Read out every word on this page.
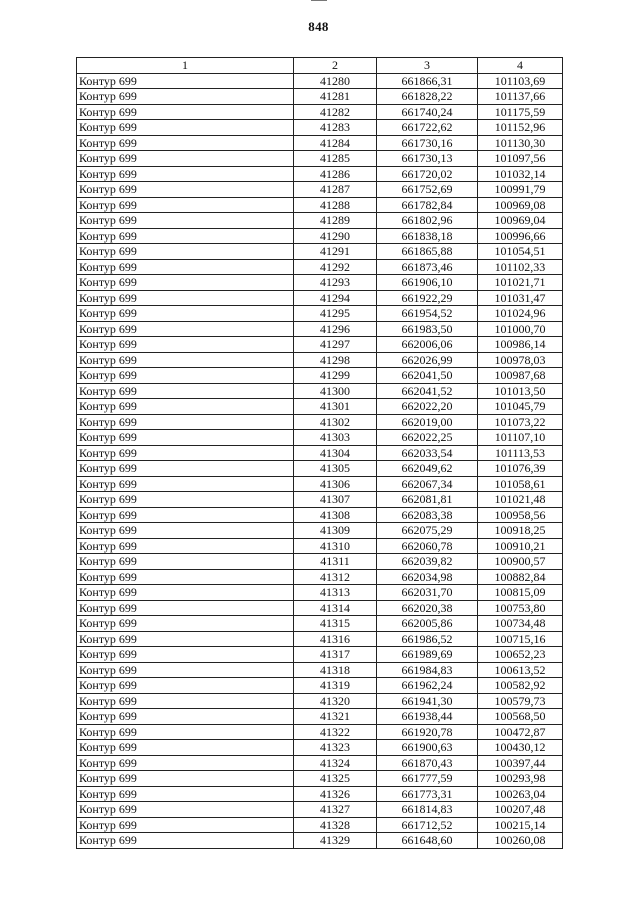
848
1	2	3	4
Контур 699	41280	661866,31	101103,69
Контур 699	41281	661828,22	101137,66
Контур 699	41282	661740,24	101175,59
Контур 699	41283	661722,62	101152,96
Контур 699	41284	661730,16	101130,30
Контур 699	41285	661730,13	101097,56
Контур 699	41286	661720,02	101032,14
Контур 699	41287	661752,69	100991,79
Контур 699	41288	661782,84	100969,08
Контур 699	41289	661802,96	100969,04
Контур 699	41290	661838,18	100996,66
Контур 699	41291	661865,88	101054,51
Контур 699	41292	661873,46	101102,33
Контур 699	41293	661906,10	101021,71
Контур 699	41294	661922,29	101031,47
Контур 699	41295	661954,52	101024,96
Контур 699	41296	661983,50	101000,70
Контур 699	41297	662006,06	100986,14
Контур 699	41298	662026,99	100978,03
Контур 699	41299	662041,50	100987,68
Контур 699	41300	662041,52	101013,50
Контур 699	41301	662022,20	101045,79
Контур 699	41302	662019,00	101073,22
Контур 699	41303	662022,25	101107,10
Контур 699	41304	662033,54	101113,53
Контур 699	41305	662049,62	101076,39
Контур 699	41306	662067,34	101058,61
Контур 699	41307	662081,81	101021,48
Контур 699	41308	662083,38	100958,56
Контур 699	41309	662075,29	100918,25
Контур 699	41310	662060,78	100910,21
Контур 699	41311	662039,82	100900,57
Контур 699	41312	662034,98	100882,84
Контур 699	41313	662031,70	100815,09
Контур 699	41314	662020,38	100753,80
Контур 699	41315	662005,86	100734,48
Контур 699	41316	661986,52	100715,16
Контур 699	41317	661989,69	100652,23
Контур 699	41318	661984,83	100613,52
Контур 699	41319	661962,24	100582,92
Контур 699	41320	661941,30	100579,73
Контур 699	41321	661938,44	100568,50
Контур 699	41322	661920,78	100472,87
Контур 699	41323	661900,63	100430,12
Контур 699	41324	661870,43	100397,44
Контур 699	41325	661777,59	100293,98
Контур 699	41326	661773,31	100263,04
Контур 699	41327	661814,83	100207,48
Контур 699	41328	661712,52	100215,14
Контур 699	41329	661648,60	100260,08
